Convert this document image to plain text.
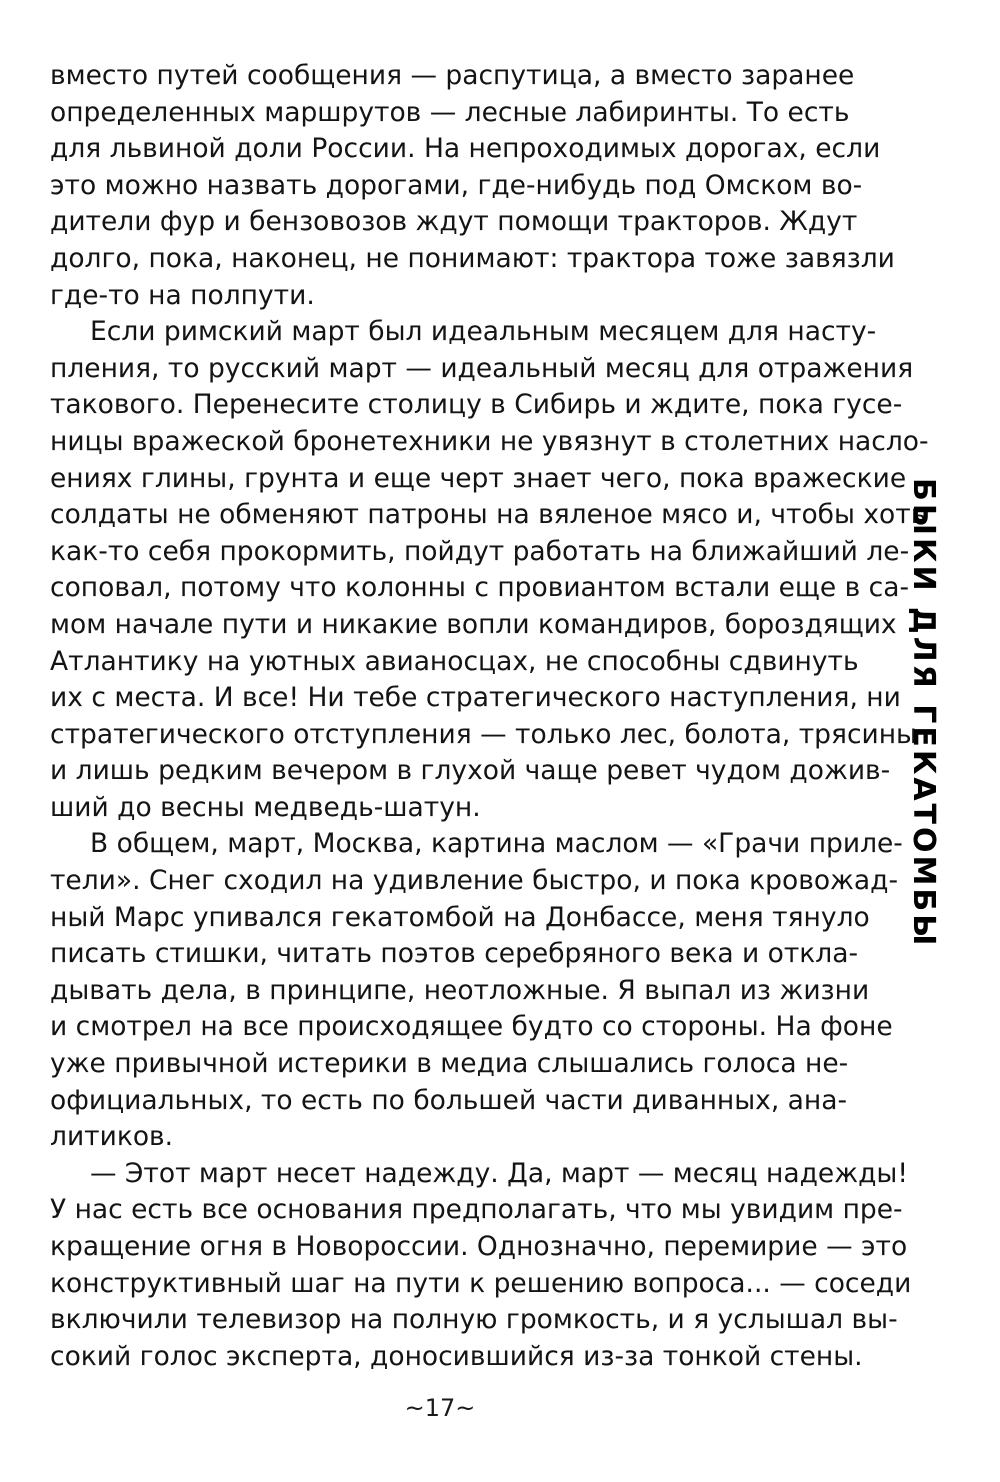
вместо путей сообщения — распутица, а вместо заранее
определенных маршрутов — лесные лабиринты. То есть
для львиной доли России. На непроходимых дорогах, если
это можно назвать дорогами, где-нибудь под Омском во-
дители фур и бензовозов ждут помощи тракторов. Ждут
долго, пока, наконец, не понимают: трактора тоже завязли
где-то на полпути.
Если римский март был идеальным месяцем для насту-
пления, то русский март — идеальный месяц для отражения
такового. Перенесите столицу в Сибирь и ждите, пока гусе-
ницы вражеской бронетехники не увязнут в столетних насло-
ениях глины, грунта и еще черт знает чего, пока вражеские
солдаты не обменяют патроны на вяленое мясо и, чтобы хоть
как-то себя прокормить, пойдут работать на ближайший ле-
соповал, потому что колонны с провиантом встали еще в са-
мом начале пути и никакие вопли командиров, бороздящих
Атлантику на уютных авианосцах, не способны сдвинуть
их с места. И все! Ни тебе стратегического наступления, ни
стратегического отступления — только лес, болота, трясины
и лишь редким вечером в глухой чаще ревет чудом дожив-
ший до весны медведь-шатун.
В общем, март, Москва, картина маслом — «Грачи приле-
тели». Снег сходил на удивление быстро, и пока кровожад-
ный Марс упивался гекатомбой на Донбассе, меня тянуло
писать стишки, читать поэтов серебряного века и откла-
дывать дела, в принципе, неотложные. Я выпал из жизни
и смотрел на все происходящее будто со стороны. На фоне
уже привычной истерики в медиа слышались голоса не-
официальных, то есть по большей части диванных, ана-
литиков.
— Этот март несет надежду. Да, март — месяц надежды!
У нас есть все основания предполагать, что мы увидим пре-
кращение огня в Новороссии. Однозначно, перемирие — это
конструктивный шаг на пути к решению вопроса... — соседи
включили телевизор на полную громкость, и я услышал вы-
сокий голос эксперта, доносившийся из-за тонкой стены.
БЫКИ ДЛЯ ГЕКАТОМБЫ
~17~
